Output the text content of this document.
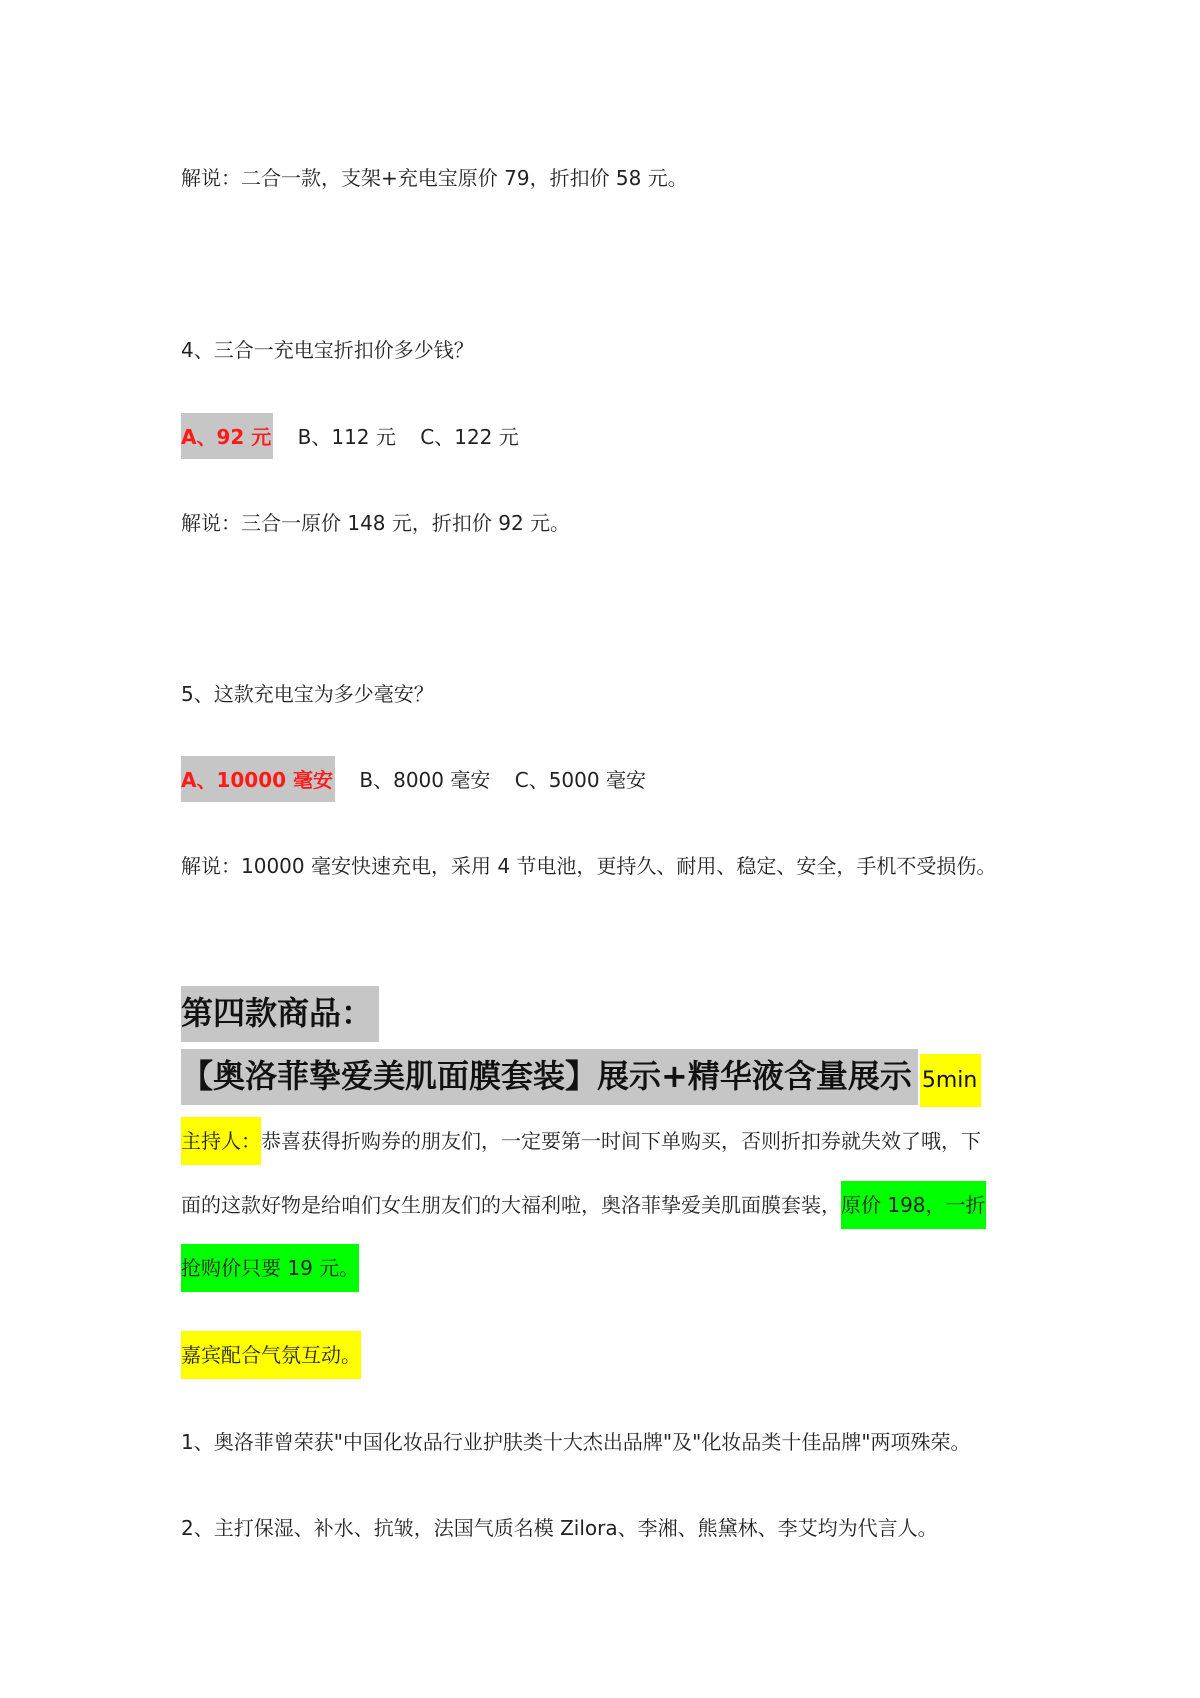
解说：二合一款，支架+充电宝原价 79，折扣价 58 元。
4、三合一充电宝折扣价多少钱？
A、92 元 B、112 元 C、122 元
解说：三合一原价 148 元，折扣价 92 元。
5、这款充电宝为多少毫安？
A、10000 毫安 B、8000 毫安 C、5000 毫安
解说：10000 毫安快速充电，采用 4 节电池，更持久、耐用、稳定、安全，手机不受损伤。
第四款商品：
【奥洛菲挚爱美肌面膜套装】展示+精华液含量展示 5min
主持人：恭喜获得折购券的朋友们，一定要第一时间下单购买，否则折扣券就失效了哦，下
面的这款好物是给咱们女生朋友们的大福利啦，奥洛菲挚爱美肌面膜套装，原价 198，一折
抢购价只要 19 元。
嘉宾配合气氛互动。
1、奥洛菲曾荣获"中国化妆品行业护肤类十大杰出品牌"及"化妆品类十佳品牌"两项殊荣。
2、主打保湿、补水、抗皱，法国气质名模 Zilora、李湘、熊黛林、李艾均为代言人。
